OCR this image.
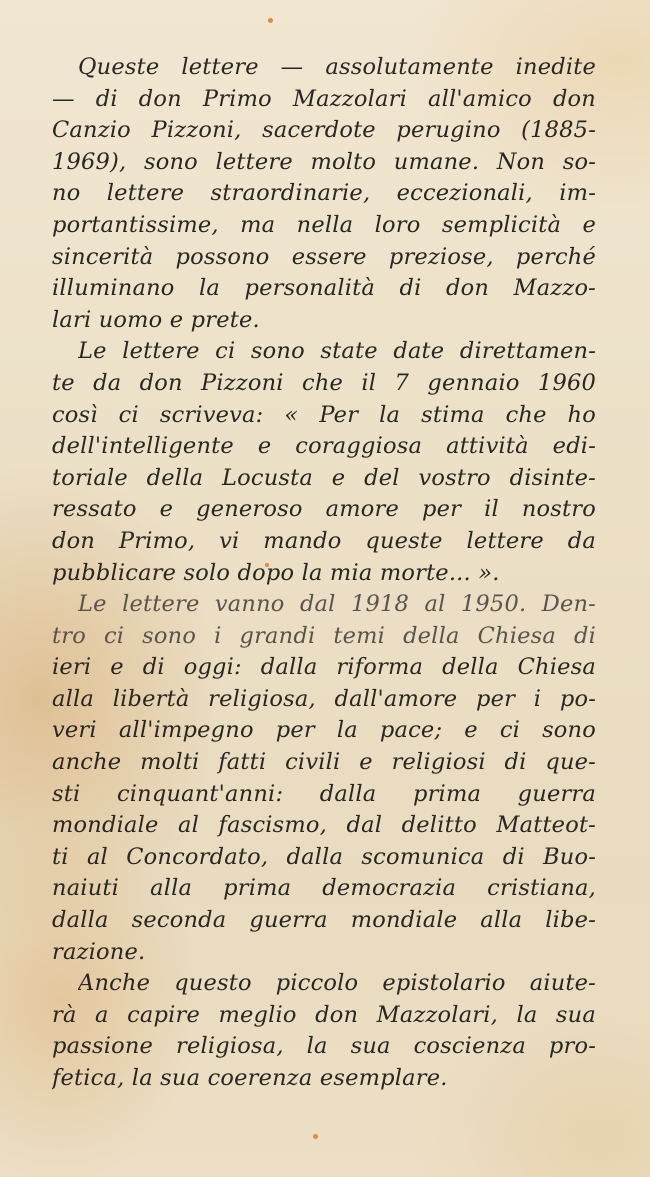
Queste lettere — assolutamente inedite
— di don Primo Mazzolari all'amico don
Canzio Pizzoni, sacerdote perugino (1885-
1969), sono lettere molto umane. Non so-
no lettere straordinarie, eccezionali, im-
portantissime, ma nella loro semplicità e
sincerità possono essere preziose, perché
illuminano la personalità di don Mazzo-
lari uomo e prete.
Le lettere ci sono state date direttamen-
te da don Pizzoni che il 7 gennaio 1960
così ci scriveva: « Per la stima che ho
dell'intelligente e coraggiosa attività edi-
toriale della Locusta e del vostro disinte-
ressato e generoso amore per il nostro
don Primo, vi mando queste lettere da
pubblicare solo dopo la mia morte... ».
Le lettere vanno dal 1918 al 1950. Den-
tro ci sono i grandi temi della Chiesa di
ieri e di oggi: dalla riforma della Chiesa
alla libertà religiosa, dall'amore per i po-
veri all'impegno per la pace; e ci sono
anche molti fatti civili e religiosi di que-
sti cinquant'anni: dalla prima guerra
mondiale al fascismo, dal delitto Matteot-
ti al Concordato, dalla scomunica di Buo-
naiuti alla prima democrazia cristiana,
dalla seconda guerra mondiale alla libe-
razione.
Anche questo piccolo epistolario aiute-
rà a capire meglio don Mazzolari, la sua
passione religiosa, la sua coscienza pro-
fetica, la sua coerenza esemplare.
